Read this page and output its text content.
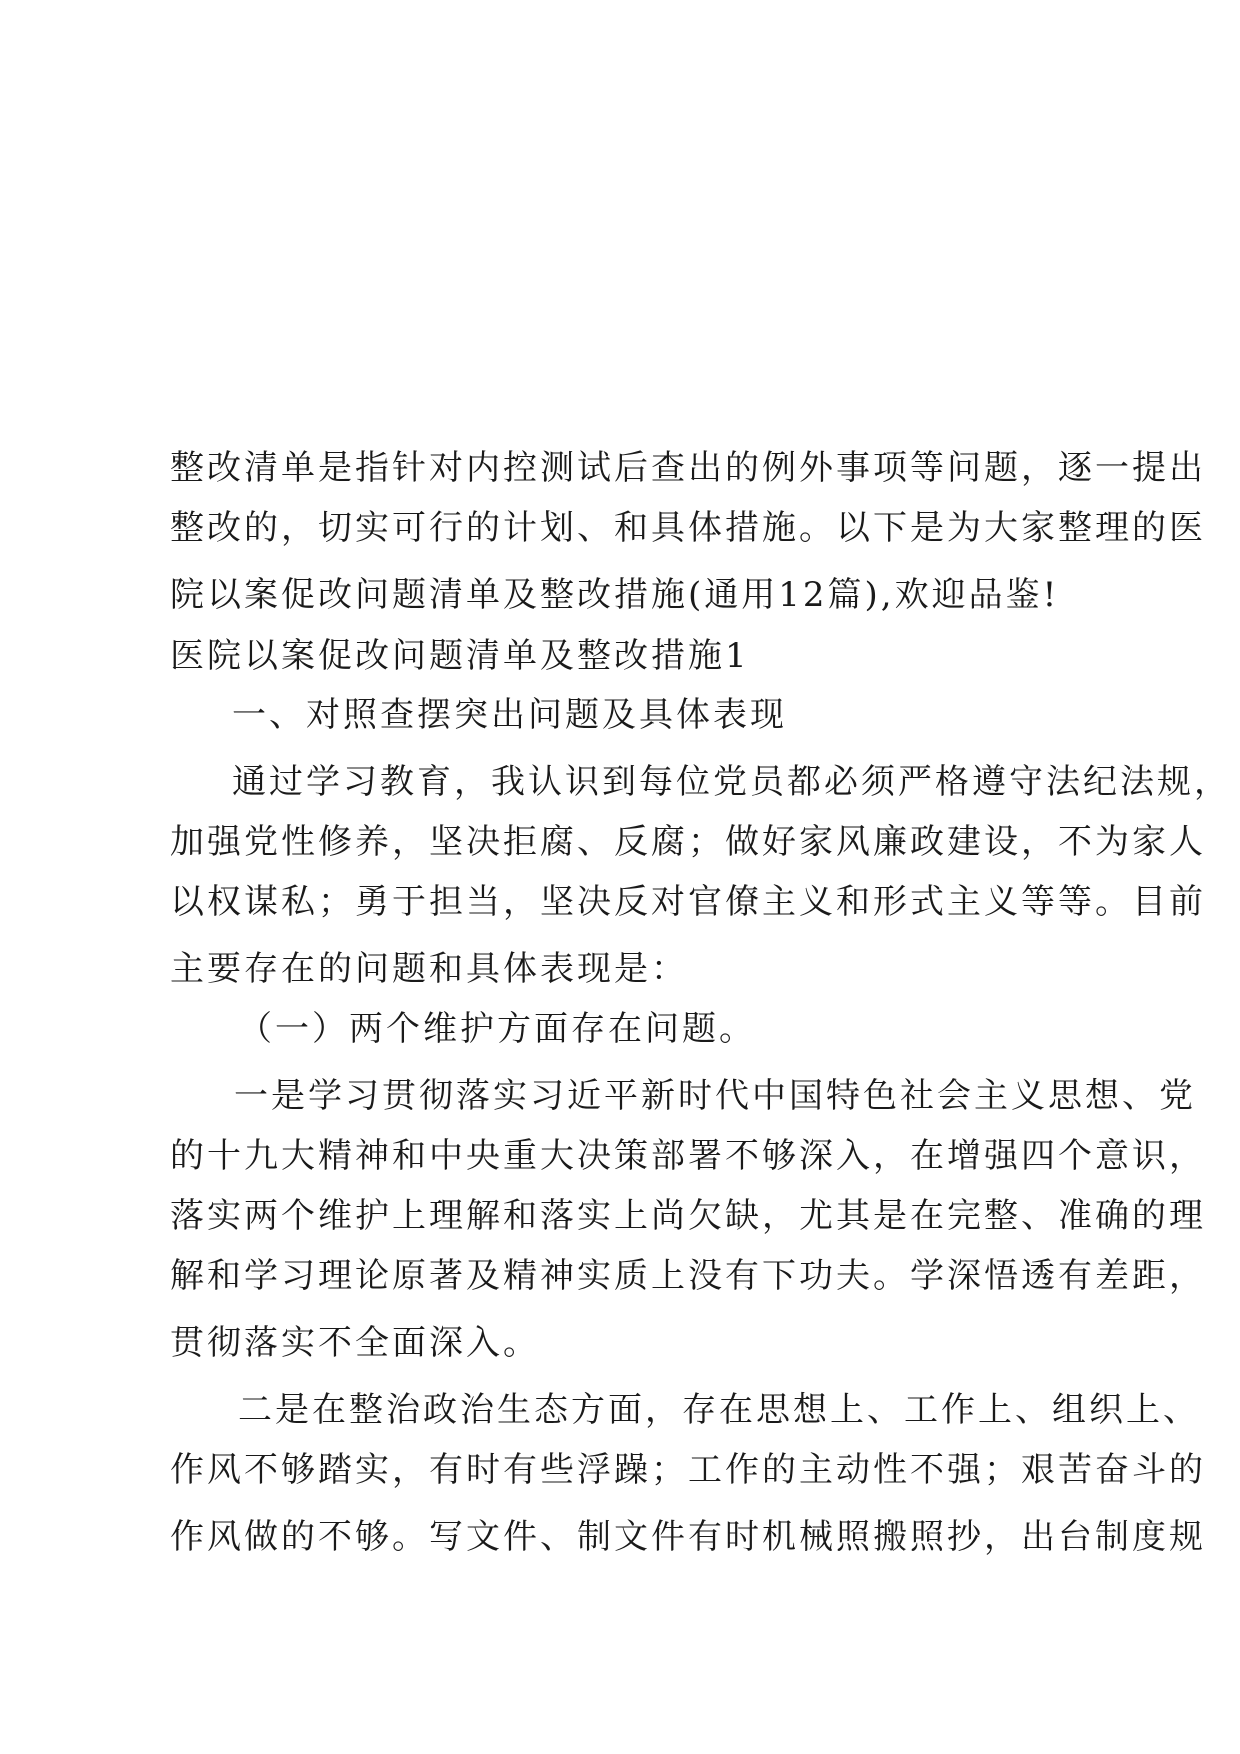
整改清单是指针对内控测试后查出的例外事项等问题，逐一提出
整改的，切实可行的计划、和具体措施。以下是为大家整理的医
院以案促改问题清单及整改措施(通用12篇),欢迎品鉴!
医院以案促改问题清单及整改措施1
一、对照查摆突出问题及具体表现
通过学习教育，我认识到每位党员都必须严格遵守法纪法规，
加强党性修养，坚决拒腐、反腐；做好家风廉政建设，不为家人
以权谋私；勇于担当，坚决反对官僚主义和形式主义等等。目前
主要存在的问题和具体表现是：
（一）两个维护方面存在问题。
一是学习贯彻落实习近平新时代中国特色社会主义思想、党
的十九大精神和中央重大决策部署不够深入，在增强四个意识，
落实两个维护上理解和落实上尚欠缺，尤其是在完整、准确的理
解和学习理论原著及精神实质上没有下功夫。学深悟透有差距，
贯彻落实不全面深入。
二是在整治政治生态方面，存在思想上、工作上、组织上、
作风不够踏实，有时有些浮躁；工作的主动性不强；艰苦奋斗的
作风做的不够。写文件、制文件有时机械照搬照抄，出台制度规
